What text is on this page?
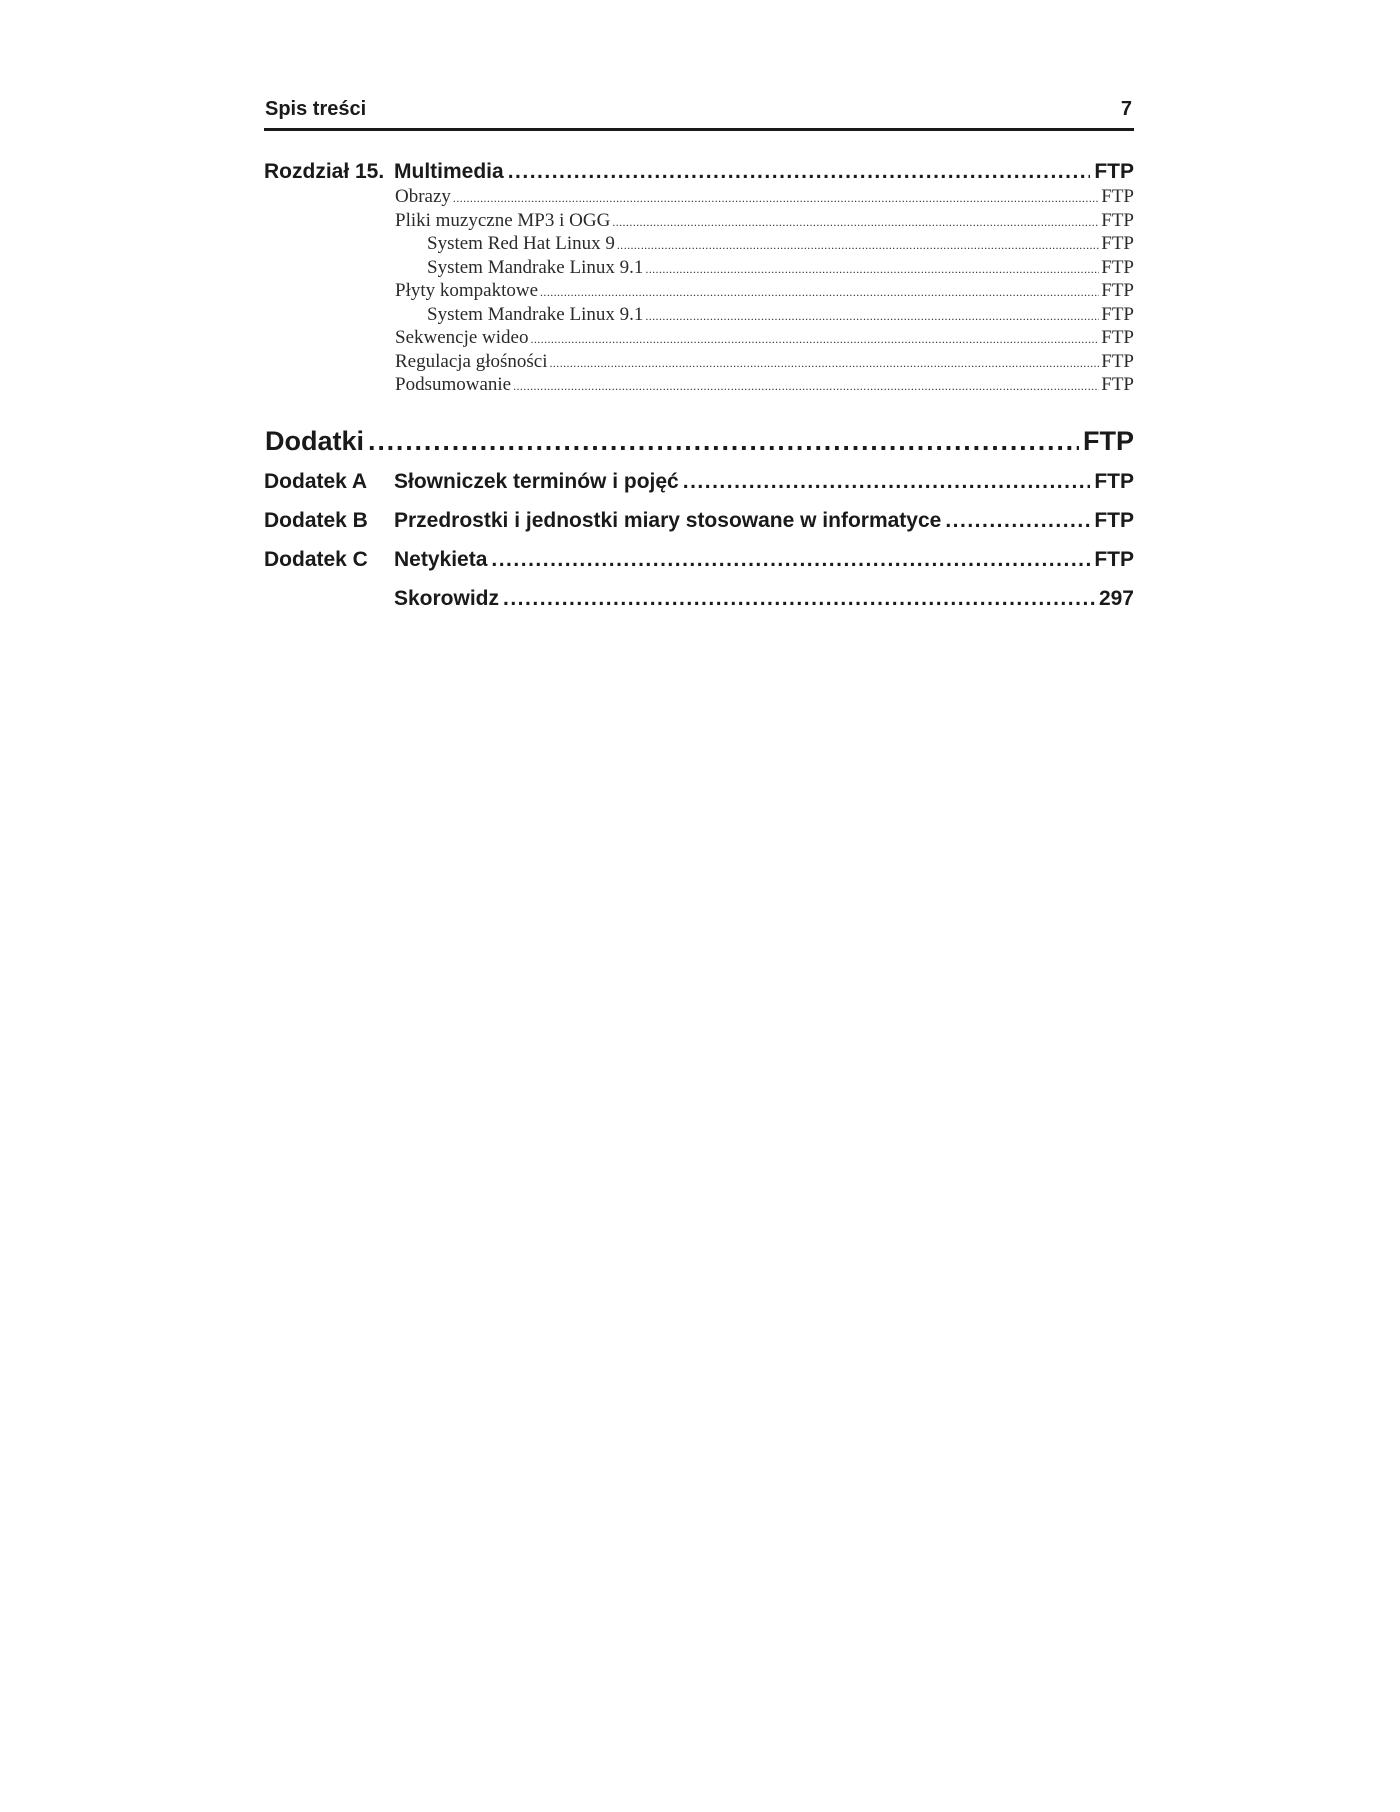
Spis treści	7
Rozdział 15. Multimedia .....	FTP
Obrazy .....	FTP
Pliki muzyczne MP3 i OGG .....	FTP
System Red Hat Linux 9 .....	FTP
System Mandrake Linux 9.1 .....	FTP
Płyty kompaktowe .....	FTP
System Mandrake Linux 9.1 .....	FTP
Sekwencje wideo .....	FTP
Regulacja głośności .....	FTP
Podsumowanie .....	FTP
Dodatki .....	FTP
Dodatek A Słowniczek terminów i pojęć .....	FTP
Dodatek B Przedrostki i jednostki miary stosowane w informatyce .....	FTP
Dodatek C Netykieta .....	FTP
Skorowidz .....	297
